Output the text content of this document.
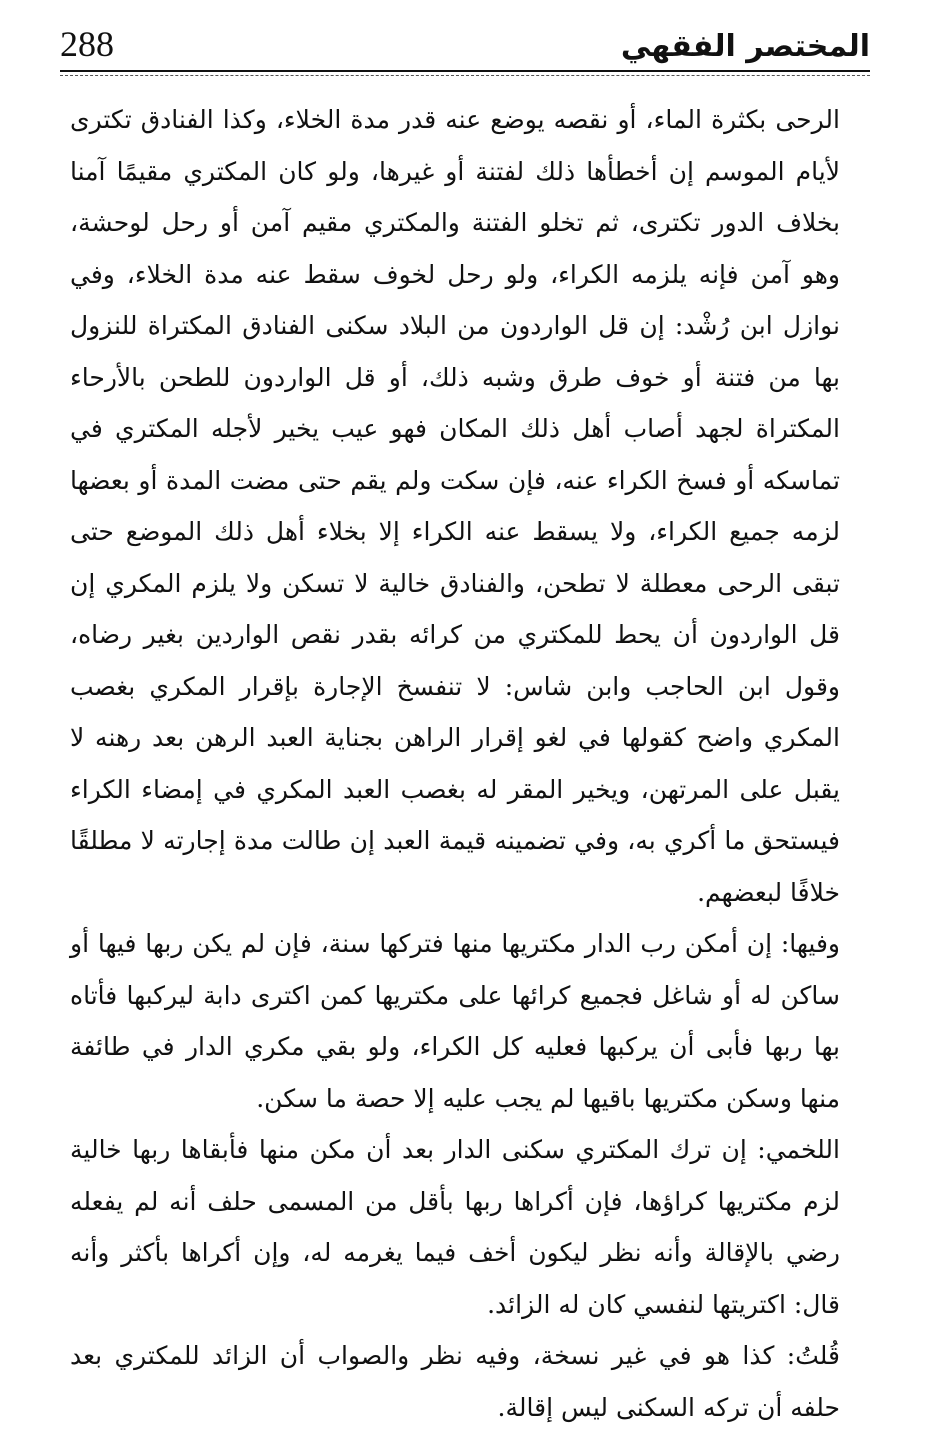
288	المختصر الفقهي

الرحى بكثرة الماء، أو نقصه يوضع عنه قدر مدة الخلاء، وكذا الفنادق تكترى لأيام الموسم إن أخطأها ذلك لفتنة أو غيرها، ولو كان المكتري مقيمًا آمنا بخلاف الدور تكترى، ثم تخلو الفتنة والمكتري مقيم آمن أو رحل لوحشة، وهو آمن فإنه يلزمه الكراء، ولو رحل لخوف سقط عنه مدة الخلاء، وفي نوازل ابن رُشْد: إن قل الواردون من البلاد سكنى الفنادق المكتراة للنزول بها من فتنة أو خوف طرق وشبه ذلك، أو قل الواردون للطحن بالأرحاء المكتراة لجهد أصاب أهل ذلك المكان فهو عيب يخير لأجله المكتري في تماسكه أو فسخ الكراء عنه، فإن سكت ولم يقم حتى مضت المدة أو بعضها لزمه جميع الكراء، ولا يسقط عنه الكراء إلا بخلاء أهل ذلك الموضع حتى تبقى الرحى معطلة لا تطحن، والفنادق خالية لا تسكن ولا يلزم المكري إن قل الواردون أن يحط للمكتري من كرائه بقدر نقص الواردين بغير رضاه، وقول ابن الحاجب وابن شاس: لا تنفسخ الإجارة بإقرار المكري بغصب المكري واضح كقولها في لغو إقرار الراهن بجناية العبد الرهن بعد رهنه لا يقبل على المرتهن، ويخير المقر له بغصب العبد المكري في إمضاء الكراء فيستحق ما أكري به، وفي تضمينه قيمة العبد إن طالت مدة إجارته لا مطلقًا خلافًا لبعضهم.

وفيها: إن أمكن رب الدار مكتريها منها فتركها سنة، فإن لم يكن ربها فيها أو ساكن له أو شاغل فجميع كرائها على مكتريها كمن اكترى دابة ليركبها فأتاه بها ربها فأبى أن يركبها فعليه كل الكراء، ولو بقي مكري الدار في طائفة منها وسكن مكتريها باقيها لم يجب عليه إلا حصة ما سكن.

اللخمي: إن ترك المكتري سكنى الدار بعد أن مكن منها فأبقاها ربها خالية لزم مكتريها كراؤها، فإن أكراها ربها بأقل من المسمى حلف أنه لم يفعله رضي بالإقالة وأنه نظر ليكون أخف فيما يغرمه له، وإن أكراها بأكثر وأنه قال: اكتريتها لنفسي كان له الزائد.

قُلتُ: كذا هو في غير نسخة، وفيه نظر والصواب أن الزائد للمكتري بعد حلفه أن تركه السكنى ليس إقالة.
